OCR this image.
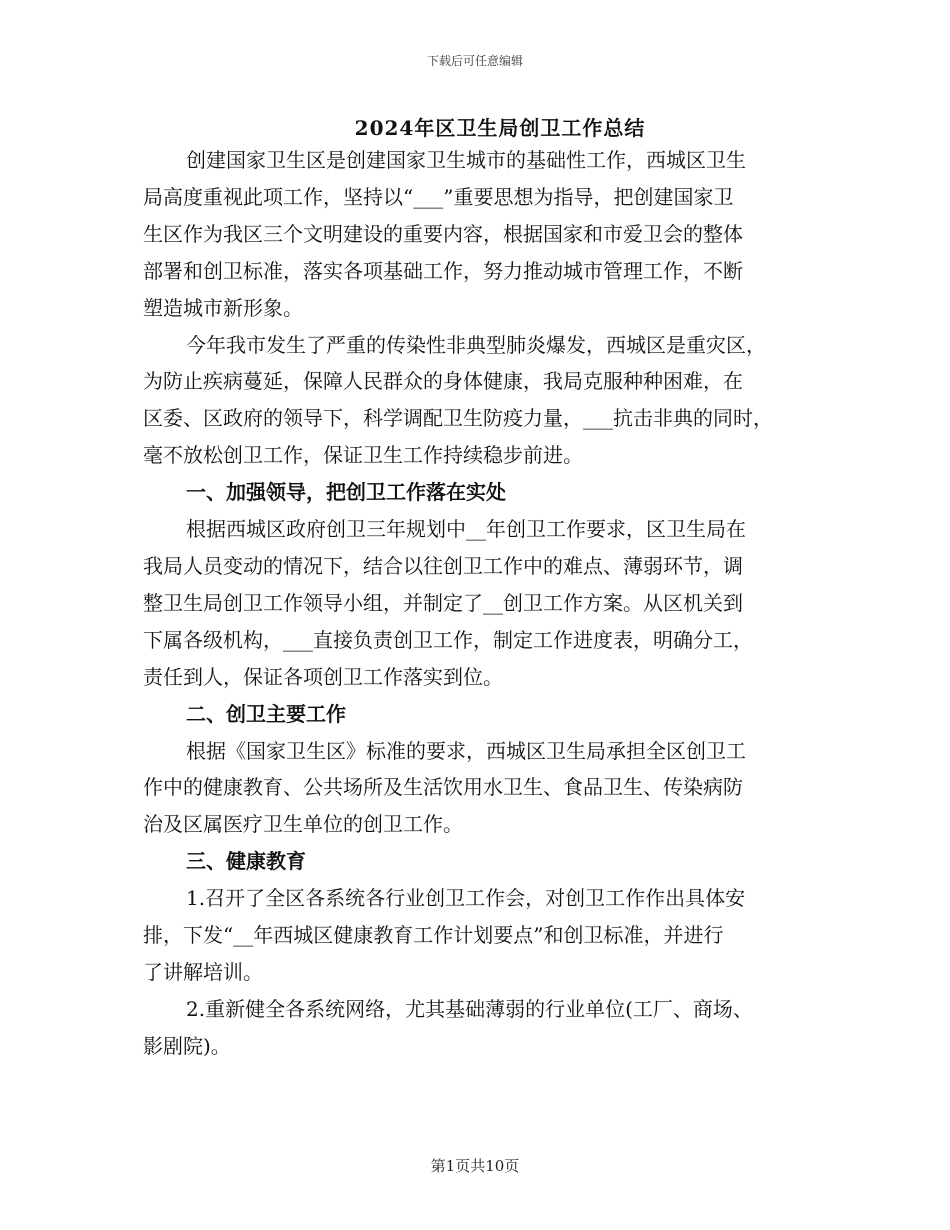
下载后可任意编辑
2024年区卫生局创卫工作总结

创建国家卫生区是创建国家卫生城市的基础性工作，西城区卫生
局高度重视此项工作，坚持以“___”重要思想为指导，把创建国家卫
生区作为我区三个文明建设的重要内容，根据国家和市爱卫会的整体
部署和创卫标准，落实各项基础工作，努力推动城市管理工作，不断
塑造城市新形象。

今年我市发生了严重的传染性非典型肺炎爆发，西城区是重灾区，
为防止疾病蔓延，保障人民群众的身体健康，我局克服种种困难，在
区委、区政府的领导下，科学调配卫生防疫力量，___抗击非典的同时，
毫不放松创卫工作，保证卫生工作持续稳步前进。

一、加强领导，把创卫工作落在实处

根据西城区政府创卫三年规划中__年创卫工作要求，区卫生局在
我局人员变动的情况下，结合以往创卫工作中的难点、薄弱环节，调
整卫生局创卫工作领导小组，并制定了__创卫工作方案。从区机关到
下属各级机构，___直接负责创卫工作，制定工作进度表，明确分工，
责任到人，保证各项创卫工作落实到位。

二、创卫主要工作

根据《国家卫生区》标准的要求，西城区卫生局承担全区创卫工
作中的健康教育、公共场所及生活饮用水卫生、食品卫生、传染病防
治及区属医疗卫生单位的创卫工作。

三、健康教育

1.召开了全区各系统各行业创卫工作会，对创卫工作作出具体安
排，下发“__年西城区健康教育工作计划要点”和创卫标准，并进行
了讲解培训。

2.重新健全各系统网络，尤其基础薄弱的行业单位(工厂、商场、
影剧院)。

第1页共10页
